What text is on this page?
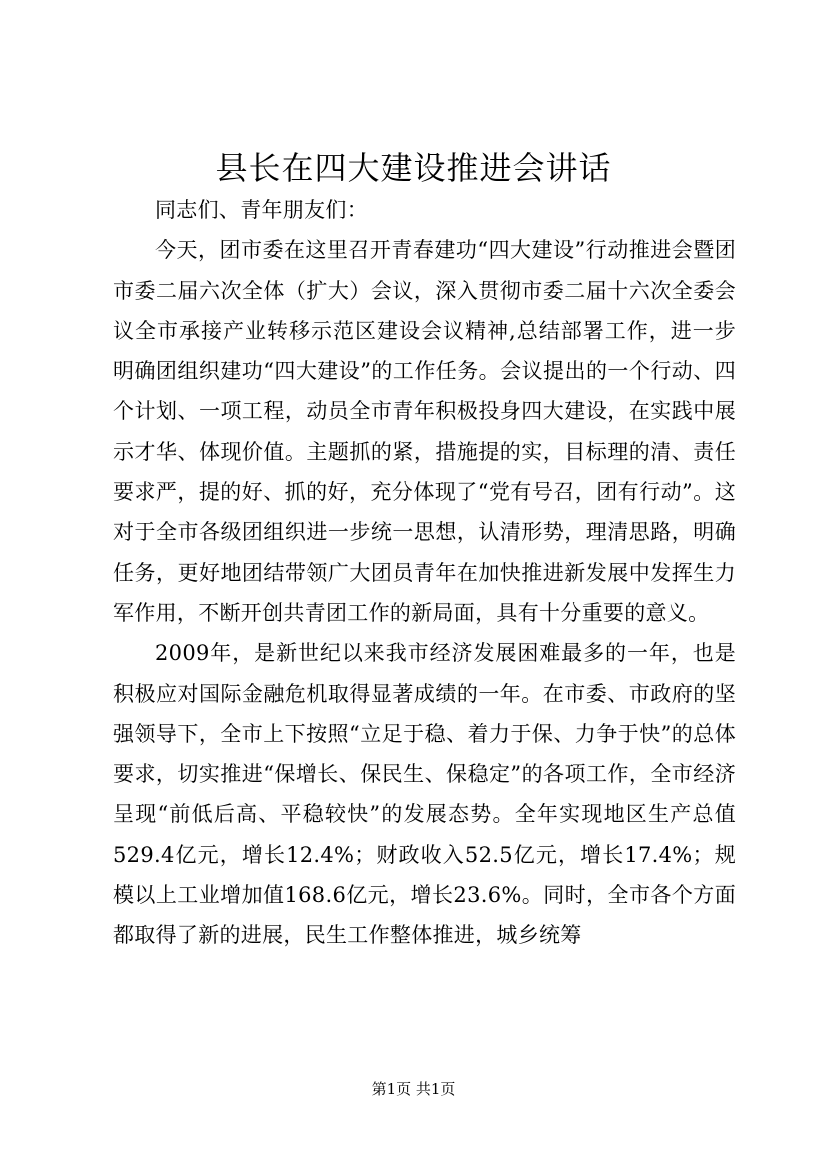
县长在四大建设推进会讲话

同志们、青年朋友们：

今天，团市委在这里召开青春建功“四大建设”行动推进会暨团市委二届六次全体（扩大）会议，深入贯彻市委二届十六次全委会议全市承接产业转移示范区建设会议精神,总结部署工作，进一步明确团组织建功“四大建设”的工作任务。会议提出的一个行动、四个计划、一项工程，动员全市青年积极投身四大建设，在实践中展示才华、体现价值。主题抓的紧，措施提的实，目标理的清、责任要求严，提的好、抓的好，充分体现了“党有号召，团有行动”。这对于全市各级团组织进一步统一思想，认清形势，理清思路，明确任务，更好地团结带领广大团员青年在加快推进新发展中发挥生力军作用，不断开创共青团工作的新局面，具有十分重要的意义。

2009年，是新世纪以来我市经济发展困难最多的一年，也是积极应对国际金融危机取得显著成绩的一年。在市委、市政府的坚强领导下，全市上下按照“立足于稳、着力于保、力争于快”的总体要求，切实推进“保增长、保民生、保稳定”的各项工作，全市经济呈现“前低后高、平稳较快”的发展态势。全年实现地区生产总值529.4亿元，增长12.4%；财政收入52.5亿元，增长17.4%；规模以上工业增加值168.6亿元，增长23.6%。同时，全市各个方面都取得了新的进展，民生工作整体推进，城乡统筹

第1页 共1页
